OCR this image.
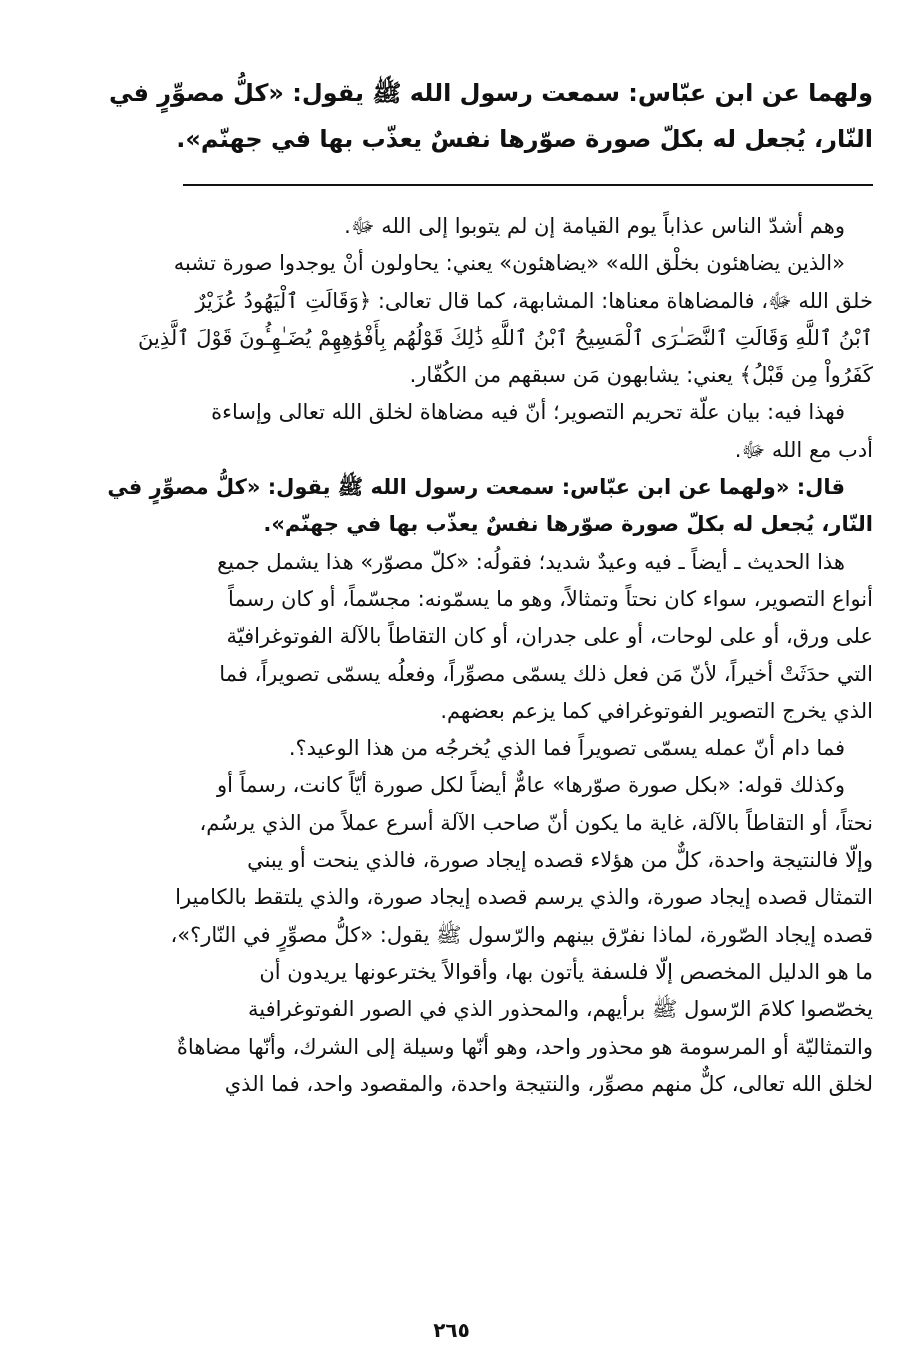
ولهما عن ابن عبّاس: سمعت رسول الله ﷺ يقول: «كلُّ مصوِّرٍ في

النّار، يُجعل له بكلّ صورة صوّرها نفسٌ يعذّب بها في جهنّم».

وهم أشدّ الناس عذاباً يوم القيامة إن لم يتوبوا إلى الله ﷻ.

«الذين يضاهئون بخلْق الله» «يضاهئون» يعني: يحاولون أنْ يوجدوا صورة تشبه

خلق الله ﷻ، فالمضاهاة معناها: المشابهة، كما قال تعالى: ﴿وَقَالَتِ ٱلْيَهُودُ عُزَيْرٌ

ٱبْنُ ٱللَّهِ وَقَالَتِ ٱلنَّصَـٰرَى ٱلْمَسِيحُ ٱبْنُ ٱللَّهِ ذَٰلِكَ قَوْلُهُم بِأَفْوَٰهِهِمْ يُضَـٰهِـُٔونَ قَوْلَ ٱلَّذِينَ

كَفَرُواْ مِن قَبْلُ﴾ يعني: يشابهون مَن سبقهم من الكُفّار.

فهذا فيه: بيان علّة تحريم التصوير؛ أنّ فيه مضاهاة لخلق الله تعالى وإساءة

أدب مع الله ﷻ.

قال: «ولهما عن ابن عبّاس: سمعت رسول الله ﷺ يقول: «كلُّ مصوِّرٍ في

النّار، يُجعل له بكلّ صورة صوّرها نفسٌ يعذّب بها في جهنّم».

هذا الحديث ـ أيضاً ـ فيه وعيدٌ شديد؛ فقولُه: «كلّ مصوّر» هذا يشمل جميع

أنواع التصوير، سواء كان نحتاً وتمثالاً، وهو ما يسمّونه: مجسّماً، أو كان رسماً

على ورق، أو على لوحات، أو على جدران، أو كان التقاطاً بالآلة الفوتوغرافيّة

التي حدَثَتْ أخيراً، لأنّ مَن فعل ذلك يسمّى مصوِّراً، وفعلُه يسمّى تصويراً، فما

الذي يخرج التصوير الفوتوغرافي كما يزعم بعضهم.

فما دام أنّ عمله يسمّى تصويراً فما الذي يُخرجُه من هذا الوعيد؟.

وكذلك قوله: «بكل صورة صوّرها» عامٌّ أيضاً لكل صورة أيّاً كانت، رسماً أو

نحتاً، أو التقاطاً بالآلة، غاية ما يكون أنّ صاحب الآلة أسرع عملاً من الذي يرسُم،

وإلّا فالنتيجة واحدة، كلٌّ من هؤلاء قصده إيجاد صورة، فالذي ينحت أو يبني

التمثال قصده إيجاد صورة، والذي يرسم قصده إيجاد صورة، والذي يلتقط بالكاميرا

قصده إيجاد الصّورة، لماذا نفرّق بينهم والرّسول ﷺ يقول: «كلُّ مصوِّرٍ في النّار؟»،

ما هو الدليل المخصص إلّا فلسفة يأتون بها، وأقوالاً يخترعونها يريدون أن

يخصّصوا كلامَ الرّسول ﷺ برأيهم، والمحذور الذي في الصور الفوتوغرافية

والتمثاليّة أو المرسومة هو محذور واحد، وهو أنّها وسيلة إلى الشرك، وأنّها مضاهاةٌ

لخلق الله تعالى، كلٌّ منهم مصوِّر، والنتيجة واحدة، والمقصود واحد، فما الذي

٢٦٥
